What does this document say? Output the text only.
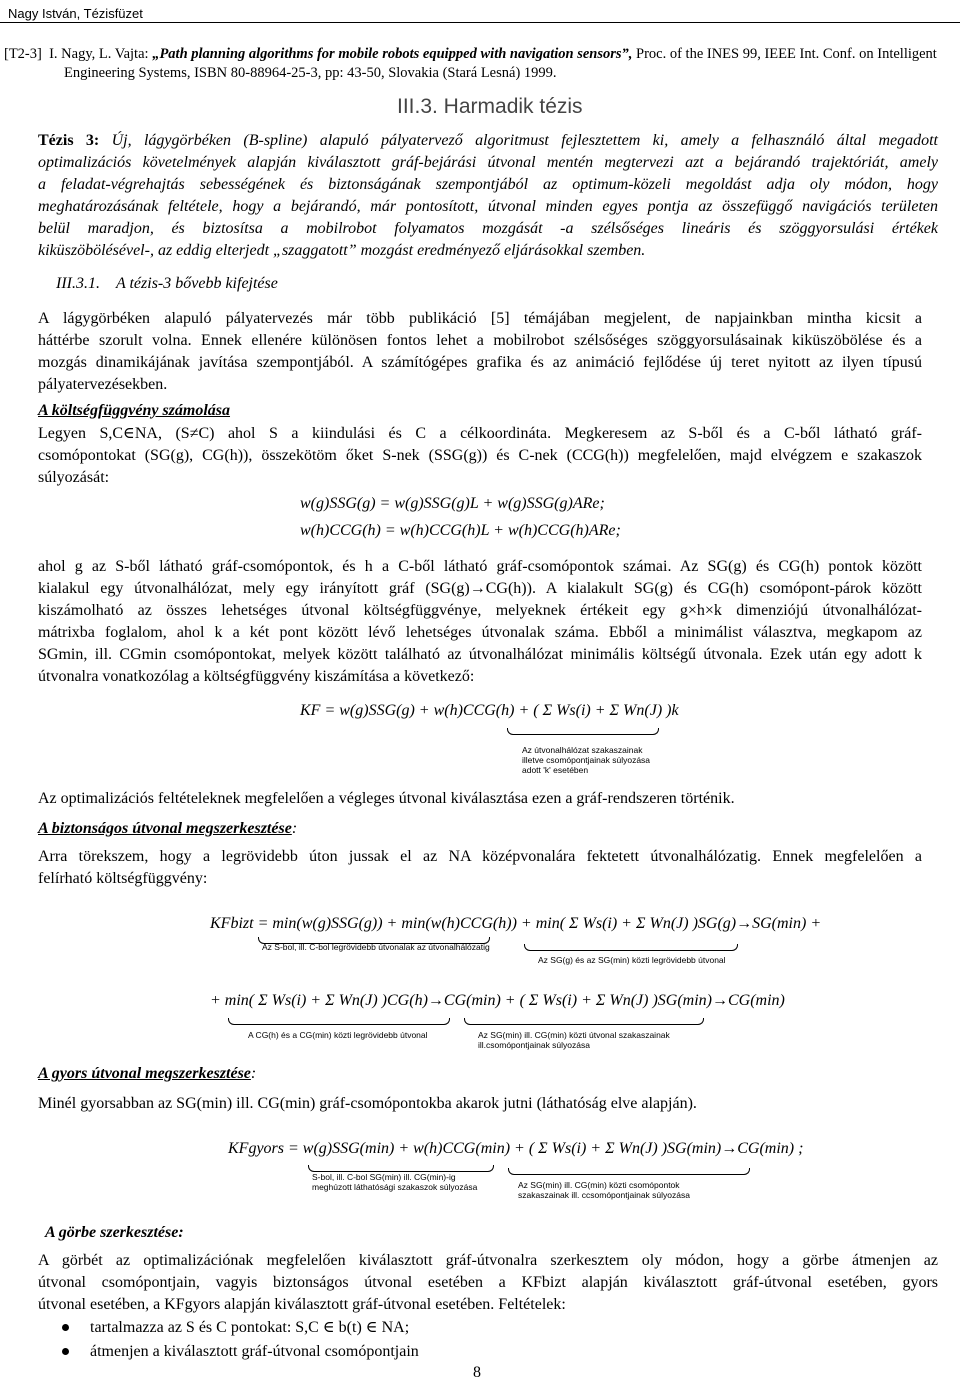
Nagy István, Tézisfüzet
[T2-3] I. Nagy, L. Vajta: „Path planning algorithms for mobile robots equipped with navigation sensors”, Proc. of the INES 99, IEEE Int. Conf. on Intelligent
Engineering Systems, ISBN 80-88964-25-3, pp: 43-50, Slovakia (Stará Lesná) 1999.
III.3. Harmadik tézis
Tézis 3: Új, lágygörbéken (B-spline) alapuló pályatervező algoritmust fejlesztettem ki, amely a felhasználó által megadott
optimalizációs követelmények alapján kiválasztott gráf-bejárási útvonal mentén megtervezi azt a bejárandó trajektóriát, amely
a feladat-végrehajtás sebességének és biztonságának szempontjából az optimum-közeli megoldást adja oly módon, hogy
meghatározásának feltétele, hogy a bejárandó, már pontosított, útvonal minden egyes pontja az összefüggő navigációs területen
belül maradjon, és biztosítsa a mobilrobot folyamatos mozgását -a szélsőséges lineáris és szöggyorsulási értékek
kiküszöbölésével-, az eddig elterjedt „szaggatott” mozgást eredményező eljárásokkal szemben.
III.3.1. A tézis-3 bővebb kifejtése
A lágygörbéken alapuló pályatervezés már több publikáció [5] témájában megjelent, de napjainkban mintha kicsit a
háttérbe szorult volna. Ennek ellenére különösen fontos lehet a mobilrobot szélsőséges szöggyorsulásainak kiküszöbölése és a
mozgás dinamikájának javítása szempontjából. A számítógépes grafika és az animáció fejlődése új teret nyitott az ilyen típusú
pályatervezésekben.
A költségfüggvény számolása
Legyen S,C∈NA, (S≠C) ahol S a kiindulási és C a célkoordináta. Megkeresem az S-ből és a C-ből látható gráf-
csomópontokat (SG(g), CG(h)), összekötöm őket S-nek (SSG(g)) és C-nek (CCG(h)) megfelelően, majd elvégzem e szakaszok
súlyozását:
w(g)SSG(g) = w(g)SSG(g)L + w(g)SSG(g)ARe;
w(h)CCG(h) = w(h)CCG(h)L + w(h)CCG(h)ARe;
ahol g az S-ből látható gráf-csomópontok, és h a C-ből látható gráf-csomópontok számai. Az SG(g) és CG(h) pontok között
kialakul egy útvonalhálózat, mely egy irányított gráf (SG(g)→CG(h)). A kialakult SG(g) és CG(h) csomópont-párok között
kiszámolható az összes lehetséges útvonal költségfüggvénye, melyeknek értékeit egy g×h×k dimenziójú útvonalhálózat-
mátrixba foglalom, ahol k a két pont között lévő lehetséges útvonalak száma. Ebből a minimálist választva, megkapom az
SGmin, ill. CGmin csomópontokat, melyek között található az útvonalhálózat minimális költségű útvonala. Ezek után egy adott k
útvonalra vonatkozólag a költségfüggvény kiszámítása a következő:
KF = w(g)SSG(g) + w(h)CCG(h) + ( Σ Ws(i) + Σ Wn(J) )k
Az útvonalhálózat szakaszainak
illetve csomópontjainak súlyozása
adott 'k' esetében
Az optimalizációs feltételeknek megfelelően a végleges útvonal kiválasztása ezen a gráf-rendszeren történik.
A biztonságos útvonal megszerkesztése:
Arra törekszem, hogy a legrövidebb úton jussak el az NA középvonalára fektetett útvonalhálózatig. Ennek megfelelően a
felírható költségfüggvény:
KFbizt = min(w(g)SSG(g)) + min(w(h)CCG(h)) + min( Σ Ws(i) + Σ Wn(J) )SG(g)→SG(min) +
Az S-bol, ill. C-bol legrövidebb útvonalak az útvonalhálózatig
Az SG(g) és az SG(min) közti legrövidebb útvonal
+ min( Σ Ws(i) + Σ Wn(J) )CG(h)→CG(min) + ( Σ Ws(i) + Σ Wn(J) )SG(min)→CG(min)
A CG(h) és a CG(min) közti legrövidebb útvonal	Az SG(min) ill. CG(min) közti útvonal szakaszainak
ill.csomópontjainak súlyozása
A gyors útvonal megszerkesztése:
Minél gyorsabban az SG(min) ill. CG(min) gráf-csomópontokba akarok jutni (láthatóság elve alapján).
KFgyors = w(g)SSG(min) + w(h)CCG(min) + ( Σ Ws(i) + Σ Wn(J) )SG(min)→CG(min) ;
S-bol, ill. C-bol SG(min) ill. CG(min)-ig
meghúzott láthatósági szakaszok súlyozása	Az SG(min) ill. CG(min) közti csomópontok
szakaszainak ill. ccsomópontjainak súlyozása
A görbe szerkesztése:
A görbét az optimalizációnak megfelelően kiválasztott gráf-útvonalra szerkesztem oly módon, hogy a görbe átmenjen az
útvonal csomópontjain, vagyis biztonságos útvonal esetében a KFbizt alapján kiválasztott gráf-útvonal esetében, gyors
útvonal esetében, a KFgyors alapján kiválasztott gráf-útvonal esetében. Feltételek:
tartalmazza az S és C pontokat: S,C ∈ b(t) ∈ NA;
átmenjen a kiválasztott gráf-útvonal csomópontjain
8
